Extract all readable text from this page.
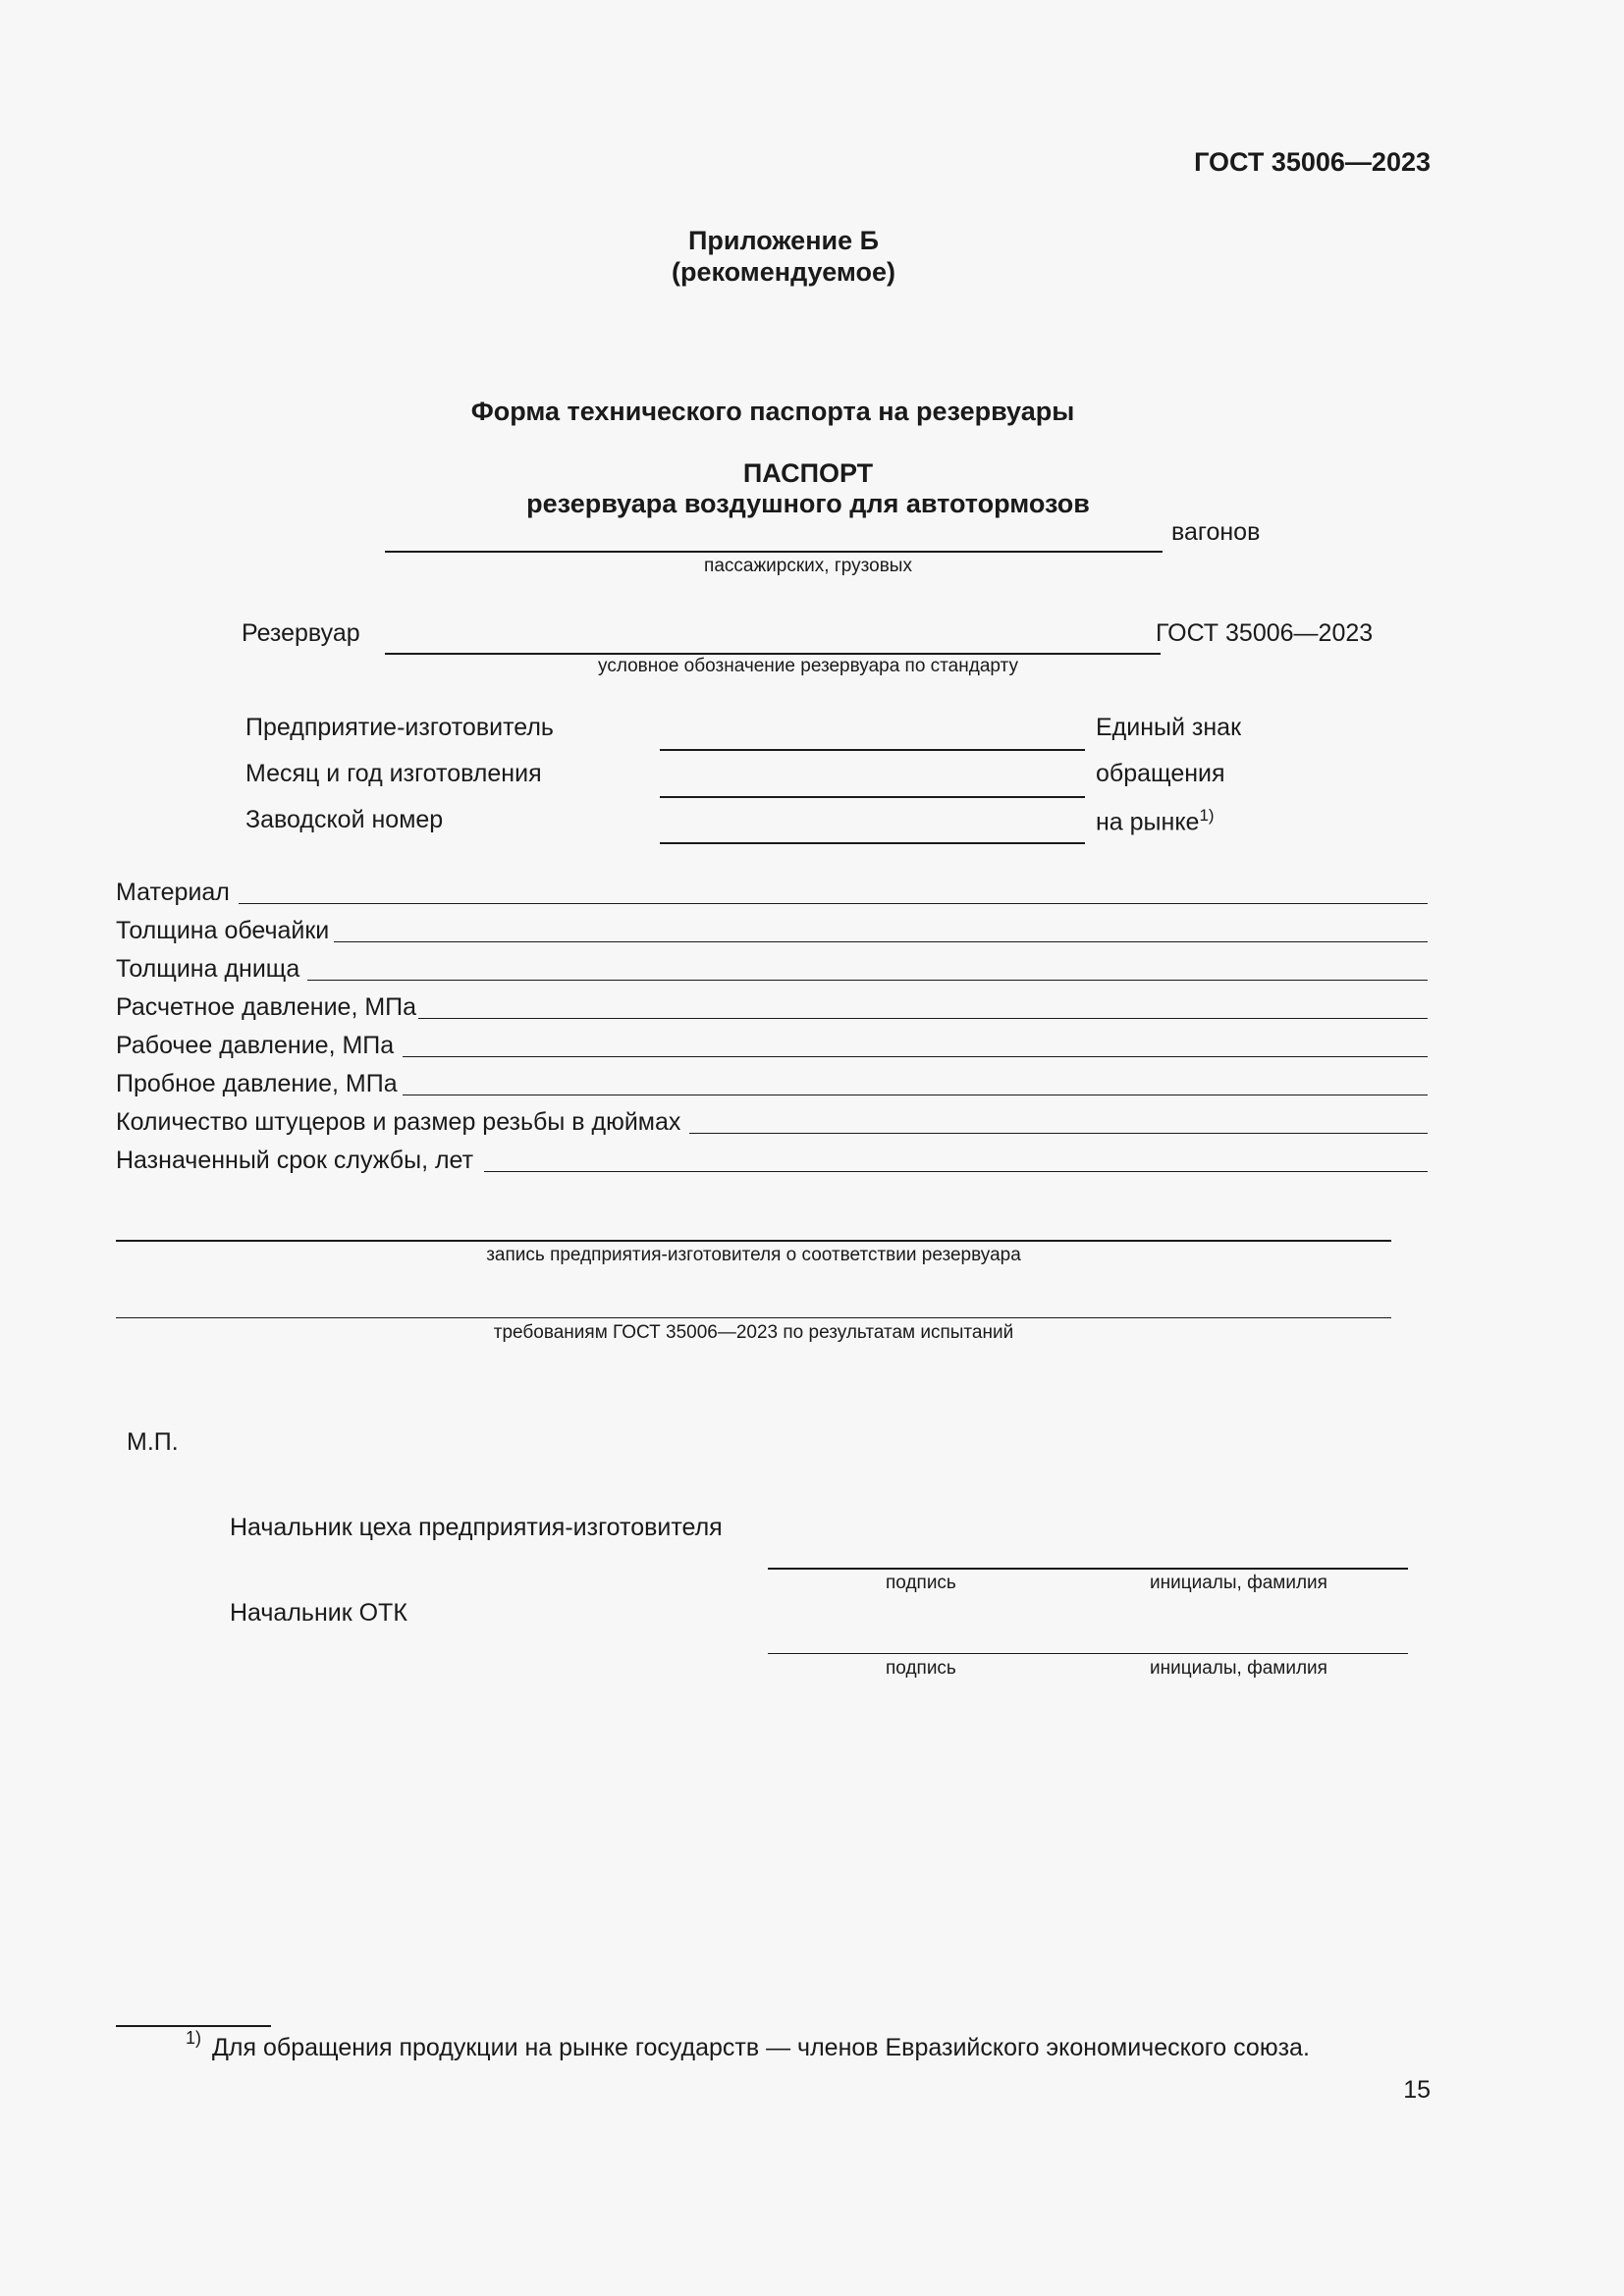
ГОСТ 35006—2023
Приложение Б
(рекомендуемое)
Форма технического паспорта на резервуары
ПАСПОРТ
резервуара воздушного для автотормозов
вагонов
пассажирских, грузовых
Резервуар	ГОСТ 35006—2023
условное обозначение резервуара по стандарту
Предприятие-изготовитель	Единый знак
Месяц и год изготовления	обращения
Заводской номер	на рынке$^{1)}$
Материал
Толщина обечайки
Толщина днища
Расчетное давление, МПа
Рабочее давление, МПа
Пробное давление, МПа
Количество штуцеров и размер резьбы в дюймах
Назначенный срок службы, лет
запись предприятия-изготовителя о соответствии резервуара
требованиям ГОСТ 35006—2023 по результатам испытаний
М.П.
Начальник цеха предприятия-изготовителя
подпись	инициалы, фамилия
Начальник ОТК
подпись	инициалы, фамилия
1) Для обращения продукции на рынке государств — членов Евразийского экономического союза.
15
